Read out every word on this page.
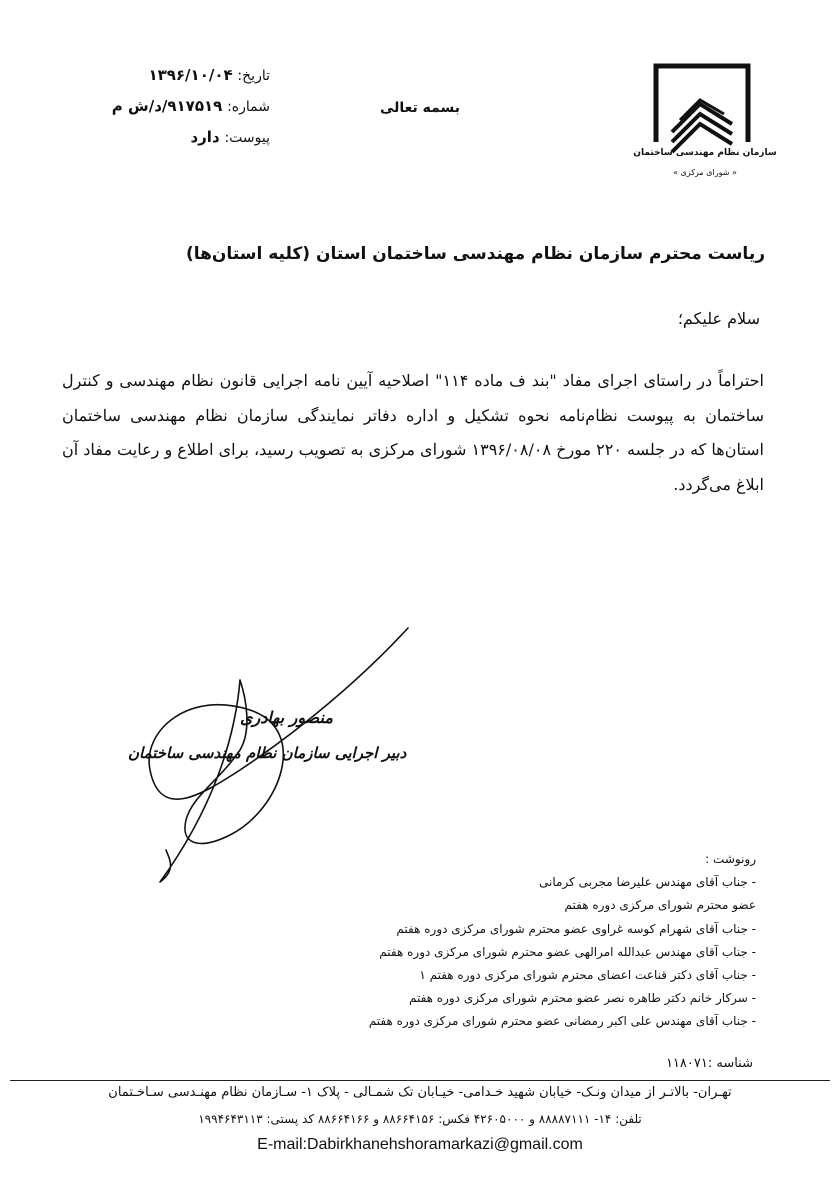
سازمان نظام مهندسی ساختمان
« شورای مرکزی »
بسمه تعالی
تاریخ: ۱۳۹۶/۱۰/۰۴
شماره: ۹۱۷۵۱۹/د/ش م
پیوست: دارد
ریاست محترم سازمان نظام مهندسی ساختمان استان (کلیه استان‌ها)
سلام علیکم؛
احتراماً در راستای اجرای مفاد "بند ف ماده ۱۱۴" اصلاحیه آیین نامه اجرایی قانون نظام مهندسی و کنترل ساختمان به پیوست نظام‌نامه نحوه تشکیل و اداره دفاتر نمایندگی سازمان نظام مهندسی ساختمان استان‌ها که در جلسه ۲۲۰ مورخ ۱۳۹۶/۰۸/۰۸ شورای مرکزی به تصویب رسید، برای اطلاع و رعایت مفاد آن ابلاغ می‌گردد.
منصور بهادری
دبیر اجرایی سازمان نظام مهندسی ساختمان
رونوشت :
- جناب آقای مهندس علیرضا مجربی کرمانی
عضو محترم شورای مرکزی دوره هفتم
- جناب آقای شهرام کوسه غراوی عضو محترم شورای مرکزی دوره هفتم
- جناب آقای مهندس عبدالله امرالهی عضو محترم شورای مرکزی دوره هفتم
- جناب آقای دکتر قناعت اعضای محترم شورای مرکزی دوره هفتم ۱
- سرکار خانم دکتر طاهره نصر عضو محترم شورای مرکزی دوره هفتم
- جناب آقای مهندس علی اکبر رمضانی عضو محترم شورای مرکزی دوره هفتم
شناسه :۱۱۸۰۷۱
تهـران- بالاتـر از میدان ونـک- خیابان شهید خـدامی- خیـابان تک شمـالی - پلاک ۱- سـازمان نظام مهنـدسی سـاخـتمان
تلفن: ۱۴- ۸۸۸۸۷۱۱۱ و ۴۲۶۰۵۰۰۰ فکس: ۸۸۶۶۴۱۵۶ و ۸۸۶۶۴۱۶۶ کد پستی: ۱۹۹۴۶۴۳۱۱۳
E-mail:Dabirkhanehshoramarkazi@gmail.com
